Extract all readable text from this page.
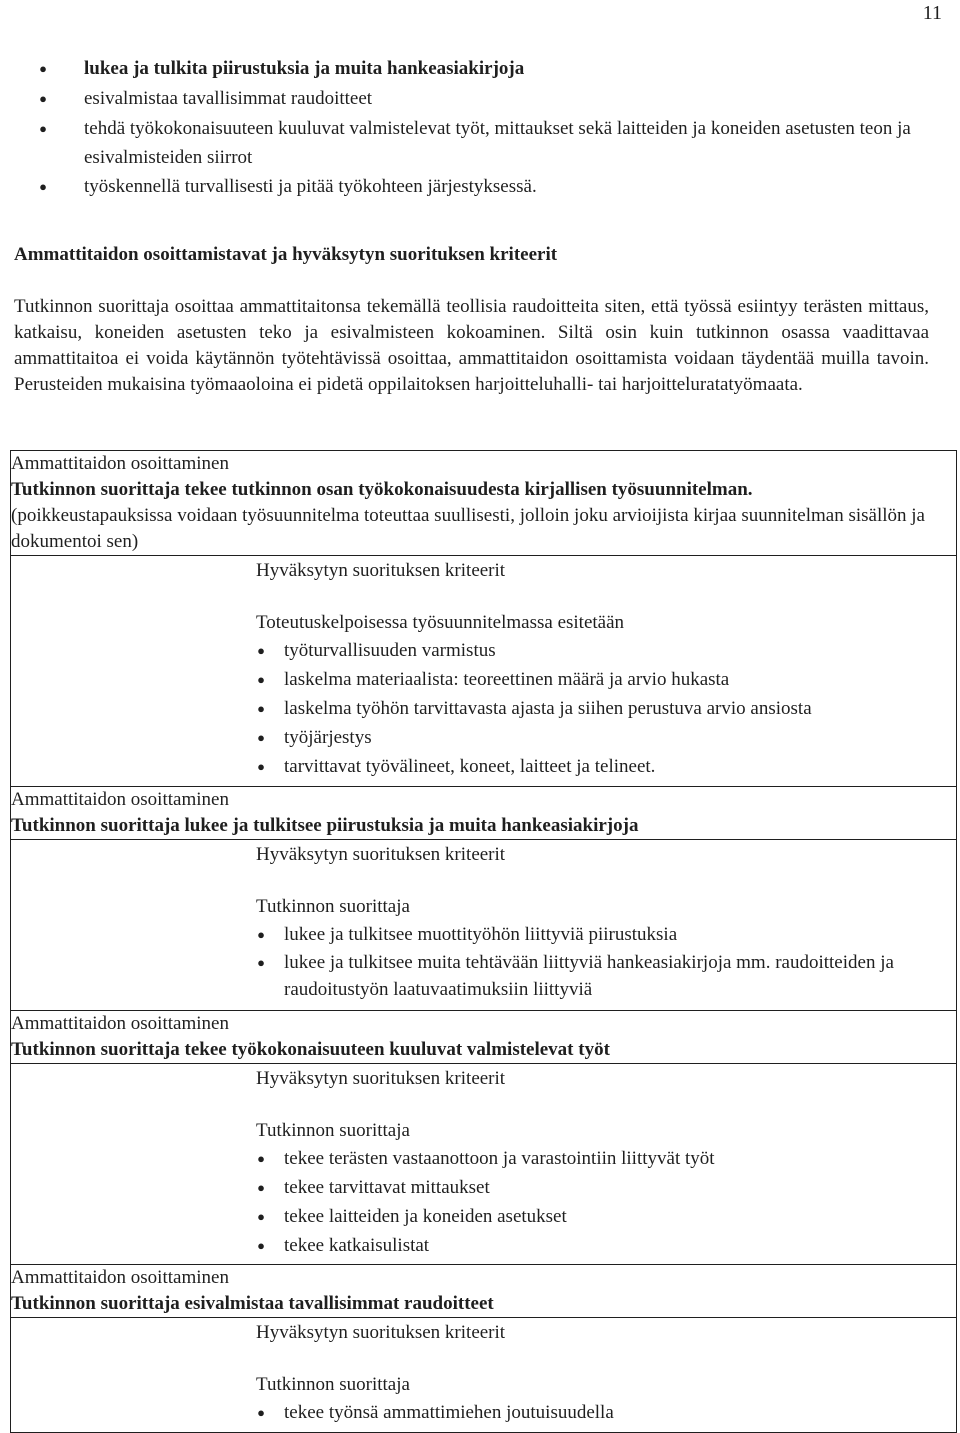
11
● lukea ja tulkita piirustuksia ja muita hankeasiakirjoja
● esivalmistaa tavallisimmat raudoitteet
● tehdä työkokonaisuuteen kuuluvat valmistelevat työt, mittaukset sekä laitteiden ja koneiden asetusten teon ja esivalmisteiden siirrot
● työskennellä turvallisesti ja pitää työkohteen järjestyksessä.
Ammattitaidon osoittamistavat ja hyväksytyn suorituksen kriteerit

Tutkinnon suorittaja osoittaa ammattitaitonsa tekemällä teollisia raudoitteita siten, että työssä esiintyy terästen mittaus, katkaisu, koneiden asetusten teko ja esivalmisteen kokoaminen. Siltä osin kuin tutkinnon osassa vaadittavaa ammattitaitoa ei voida käytännön työtehtävissä osoittaa, ammattitaidon osoittamista voidaan täydentää muilla tavoin. Perusteiden mukaisina työmaaoloina ei pidetä oppilaitoksen harjoitteluhalli- tai harjoitteluratatyömaata.

Ammattitaidon osoittaminen
Tutkinnon suorittaja tekee tutkinnon osan työkokonaisuudesta kirjallisen työsuunnitelman.
(poikkeustapauksissa voidaan työsuunnitelma toteuttaa suullisesti, jolloin joku arvioijista kirjaa suunnitelman sisällön ja dokumentoi sen)

Hyväksytyn suorituksen kriteerit
Toteutuskelpoisessa työsuunnitelmassa esitetään
● työturvallisuuden varmistus
● laskelma materiaalista: teoreettinen määrä ja arvio hukasta
● laskelma työhön tarvittavasta ajasta ja siihen perustuva arvio ansiosta
● työjärjestys
● tarvittavat työvälineet, koneet, laitteet ja telineet.

Ammattitaidon osoittaminen
Tutkinnon suorittaja lukee ja tulkitsee piirustuksia ja muita hankeasiakirjoja

Hyväksytyn suorituksen kriteerit
Tutkinnon suorittaja
● lukee ja tulkitsee muottityöhön liittyviä piirustuksia
● lukee ja tulkitsee muita tehtävään liittyviä hankeasiakirjoja mm. raudoitteiden ja raudoitustyön laatuvaatimuksiin liittyviä

Ammattitaidon osoittaminen
Tutkinnon suorittaja tekee työkokonaisuuteen kuuluvat valmistelevat työt

Hyväksytyn suorituksen kriteerit
Tutkinnon suorittaja
● tekee terästen vastaanottoon ja varastointiin liittyvät työt
● tekee tarvittavat mittaukset
● tekee laitteiden ja koneiden asetukset
● tekee katkaisulistat

Ammattitaidon osoittaminen
Tutkinnon suorittaja esivalmistaa tavallisimmat raudoitteet

Hyväksytyn suorituksen kriteerit
Tutkinnon suorittaja
● tekee työnsä ammattimiehen joutuisuudella
